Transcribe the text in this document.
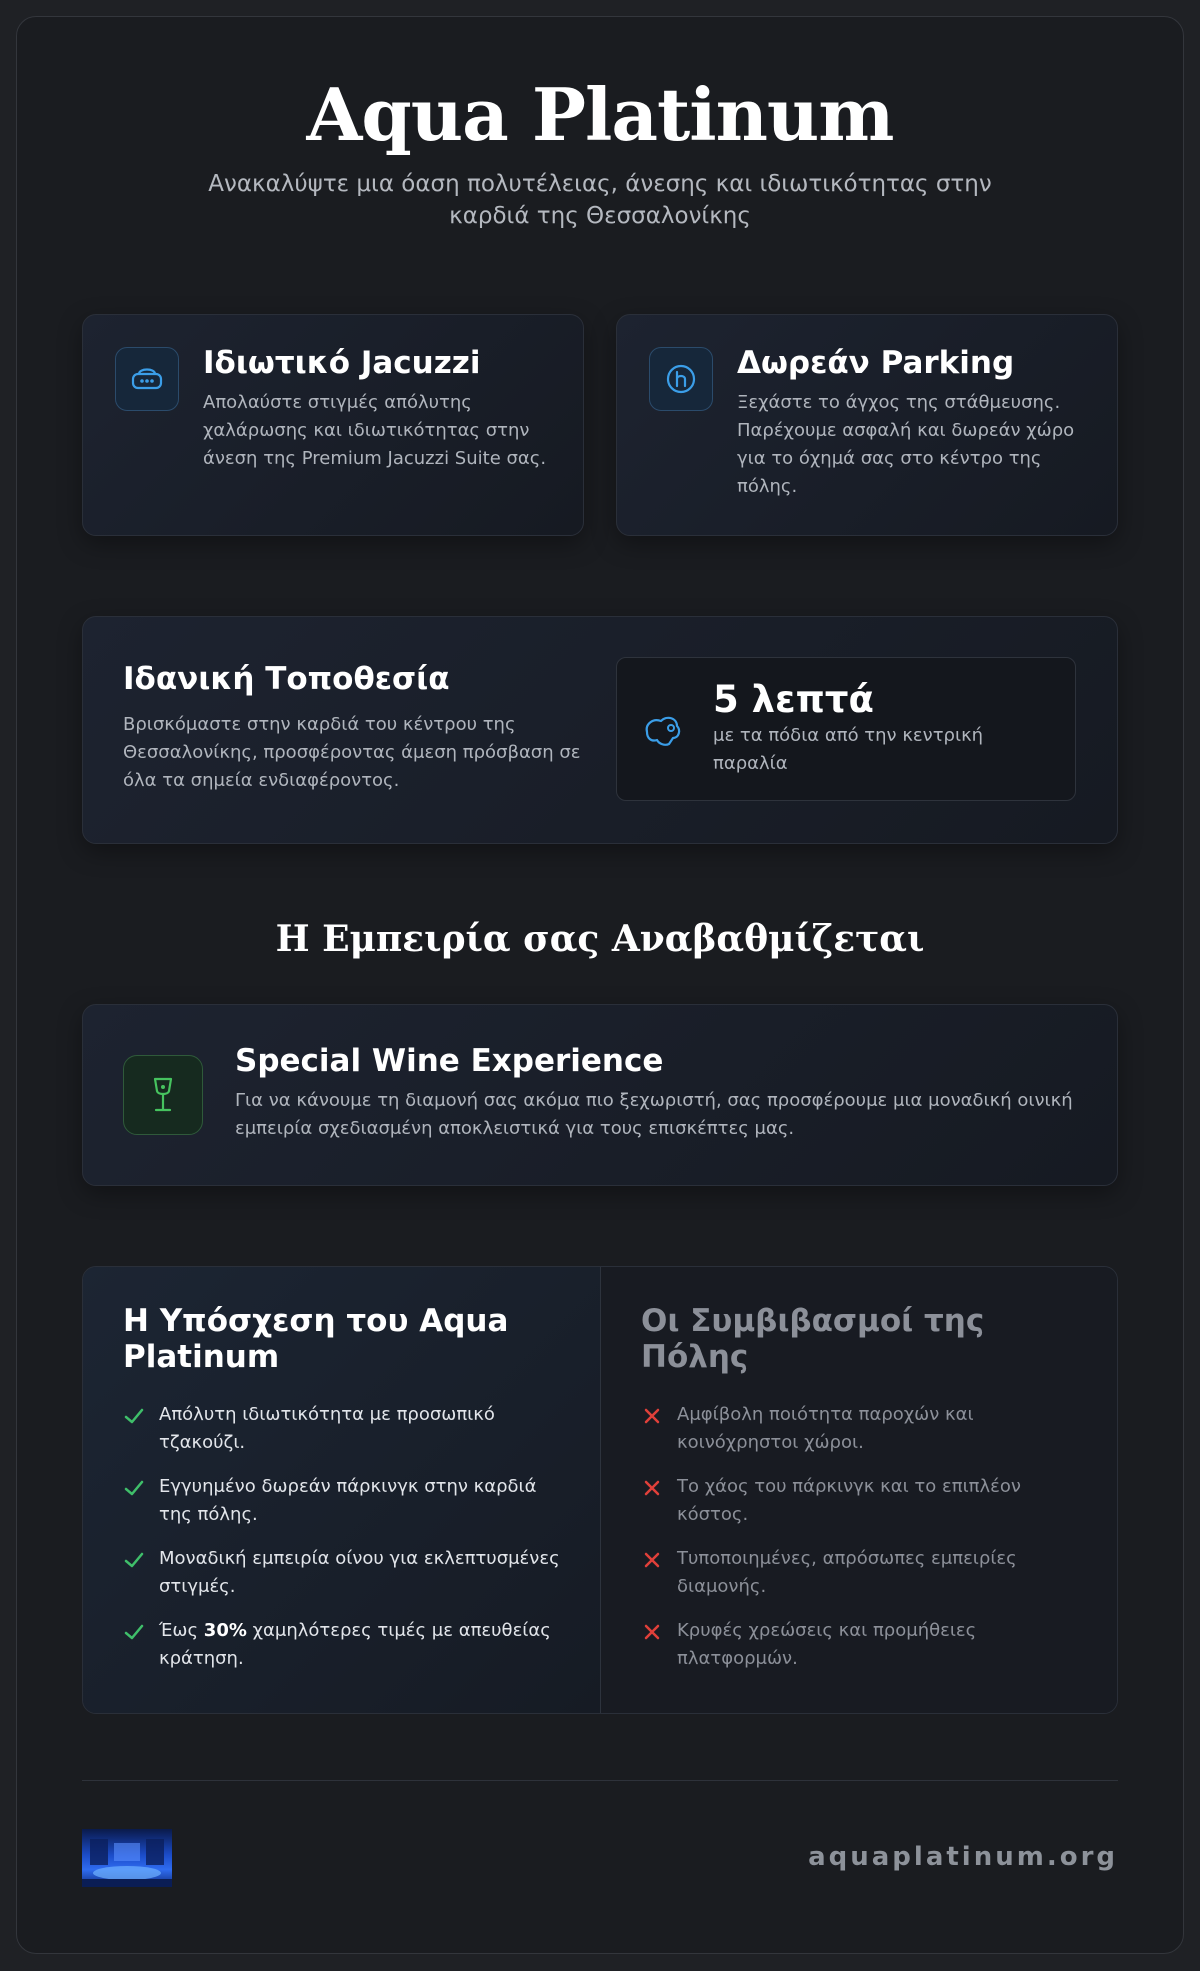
Aqua Platinum

Ανακαλύψτε μια όαση πολυτέλειας, άνεσης και ιδιωτικότητας στην καρδιά της Θεσσαλονίκης

Ιδιωτικό Jacuzzi
Απολαύστε στιγμές απόλυτης χαλάρωσης και ιδιωτικότητας στην άνεση της Premium Jacuzzi Suite σας.
Δωρεάν Parking
Ξεχάστε το άγχος της στάθμευσης. Παρέχουμε ασφαλή και δωρεάν χώρο για το όχημά σας στο κέντρο της πόλης.
Ιδανική Τοποθεσία
Βρισκόμαστε στην καρδιά του κέντρου της Θεσσαλονίκης, προσφέροντας άμεση πρόσβαση σε όλα τα σημεία ενδιαφέροντος.
5 λεπτά
με τα πόδια από την κεντρική παραλία
Η Εμπειρία σας Αναβαθμίζεται
Special Wine Experience
Για να κάνουμε τη διαμονή σας ακόμα πιο ξεχωριστή, σας προσφέρουμε μια μοναδική οινική εμπειρία σχεδιασμένη αποκλειστικά για τους επισκέπτες μας.
Η Υπόσχεση του Aqua Platinum
Απόλυτη ιδιωτικότητα με προσωπικό τζακούζι.
Εγγυημένο δωρεάν πάρκινγκ στην καρδιά της πόλης.
Μοναδική εμπειρία οίνου για εκλεπτυσμένες στιγμές.
Έως 30% χαμηλότερες τιμές με απευθείας κράτηση.
Οι Συμβιβασμοί της Πόλης
Αμφίβολη ποιότητα παροχών και κοινόχρηστοι χώροι.
Το χάος του πάρκινγκ και το επιπλέον κόστος.
Τυποποιημένες, απρόσωπες εμπειρίες διαμονής.
Κρυφές χρεώσεις και προμήθειες πλατφορμών.
aquaplatinum.org
